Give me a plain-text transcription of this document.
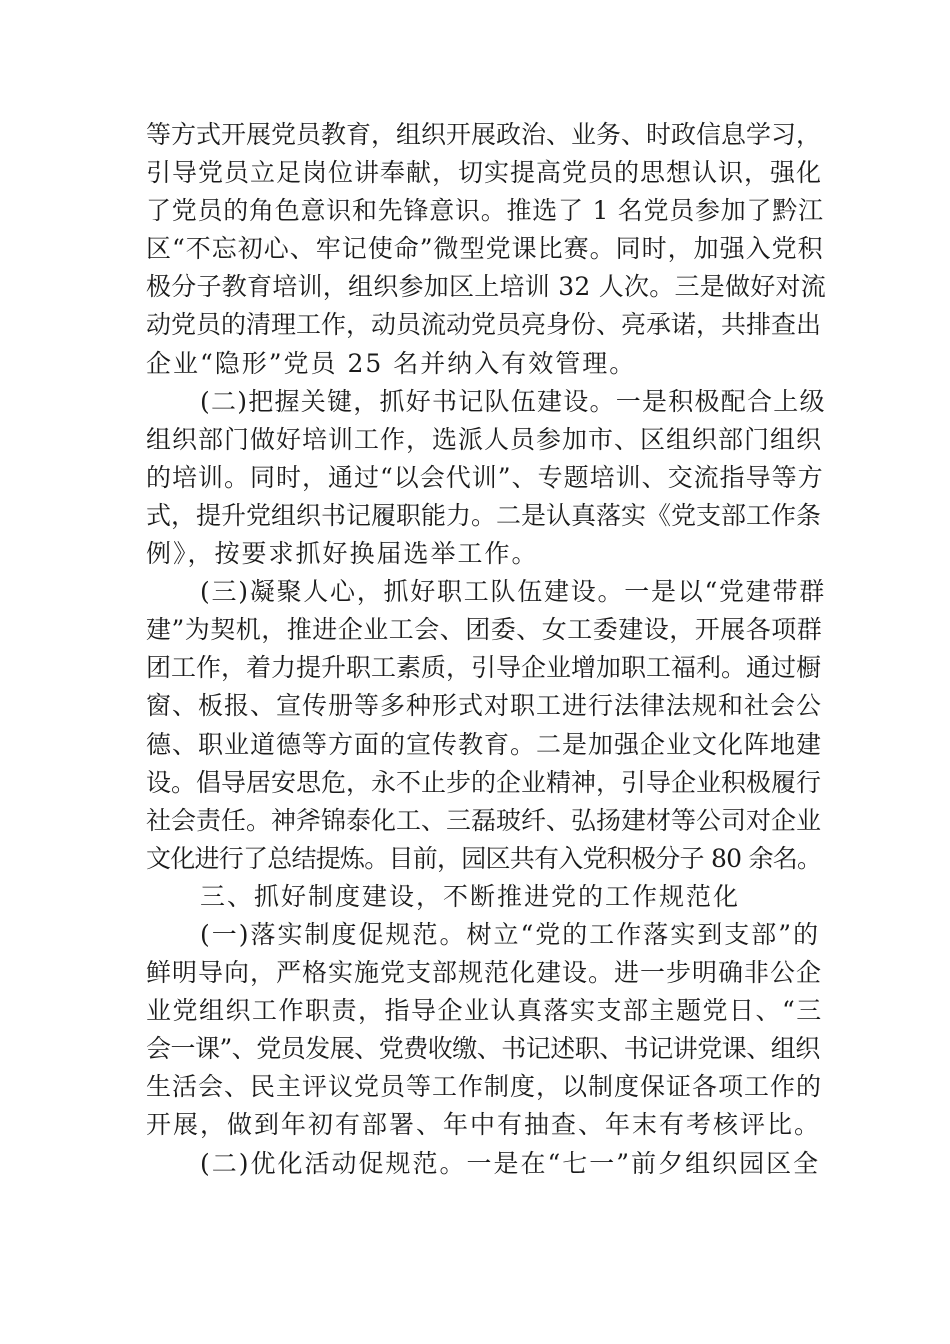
等方式开展党员教育，组织开展政治、业务、时政信息学习，
引导党员立足岗位讲奉献，切实提高党员的思想认识，强化
了党员的角色意识和先锋意识。推选了 1 名党员参加了黔江
区“不忘初心、牢记使命”微型党课比赛。同时，加强入党积
极分子教育培训，组织参加区上培训 32 人次。三是做好对流
动党员的清理工作，动员流动党员亮身份、亮承诺，共排查出
企业“隐形”党员 25 名并纳入有效管理。
(二)把握关键，抓好书记队伍建设。一是积极配合上级
组织部门做好培训工作，选派人员参加市、区组织部门组织
的培训。同时，通过“以会代训”、专题培训、交流指导等方
式，提升党组织书记履职能力。二是认真落实《党支部工作条
例》，按要求抓好换届选举工作。
(三)凝聚人心，抓好职工队伍建设。一是以“党建带群
建”为契机，推进企业工会、团委、女工委建设，开展各项群
团工作，着力提升职工素质，引导企业增加职工福利。通过橱
窗、板报、宣传册等多种形式对职工进行法律法规和社会公
德、职业道德等方面的宣传教育。二是加强企业文化阵地建
设。倡导居安思危，永不止步的企业精神，引导企业积极履行
社会责任。神斧锦泰化工、三磊玻纤、弘扬建材等公司对企业
文化进行了总结提炼。目前，园区共有入党积极分子 80 余名。
三、抓好制度建设，不断推进党的工作规范化
(一)落实制度促规范。树立“党的工作落实到支部”的
鲜明导向，严格实施党支部规范化建设。进一步明确非公企
业党组织工作职责，指导企业认真落实支部主题党日、“三
会一课”、党员发展、党费收缴、书记述职、书记讲党课、组织
生活会、民主评议党员等工作制度，以制度保证各项工作的
开展，做到年初有部署、年中有抽查、年末有考核评比。
(二)优化活动促规范。一是在“七一”前夕组织园区全
